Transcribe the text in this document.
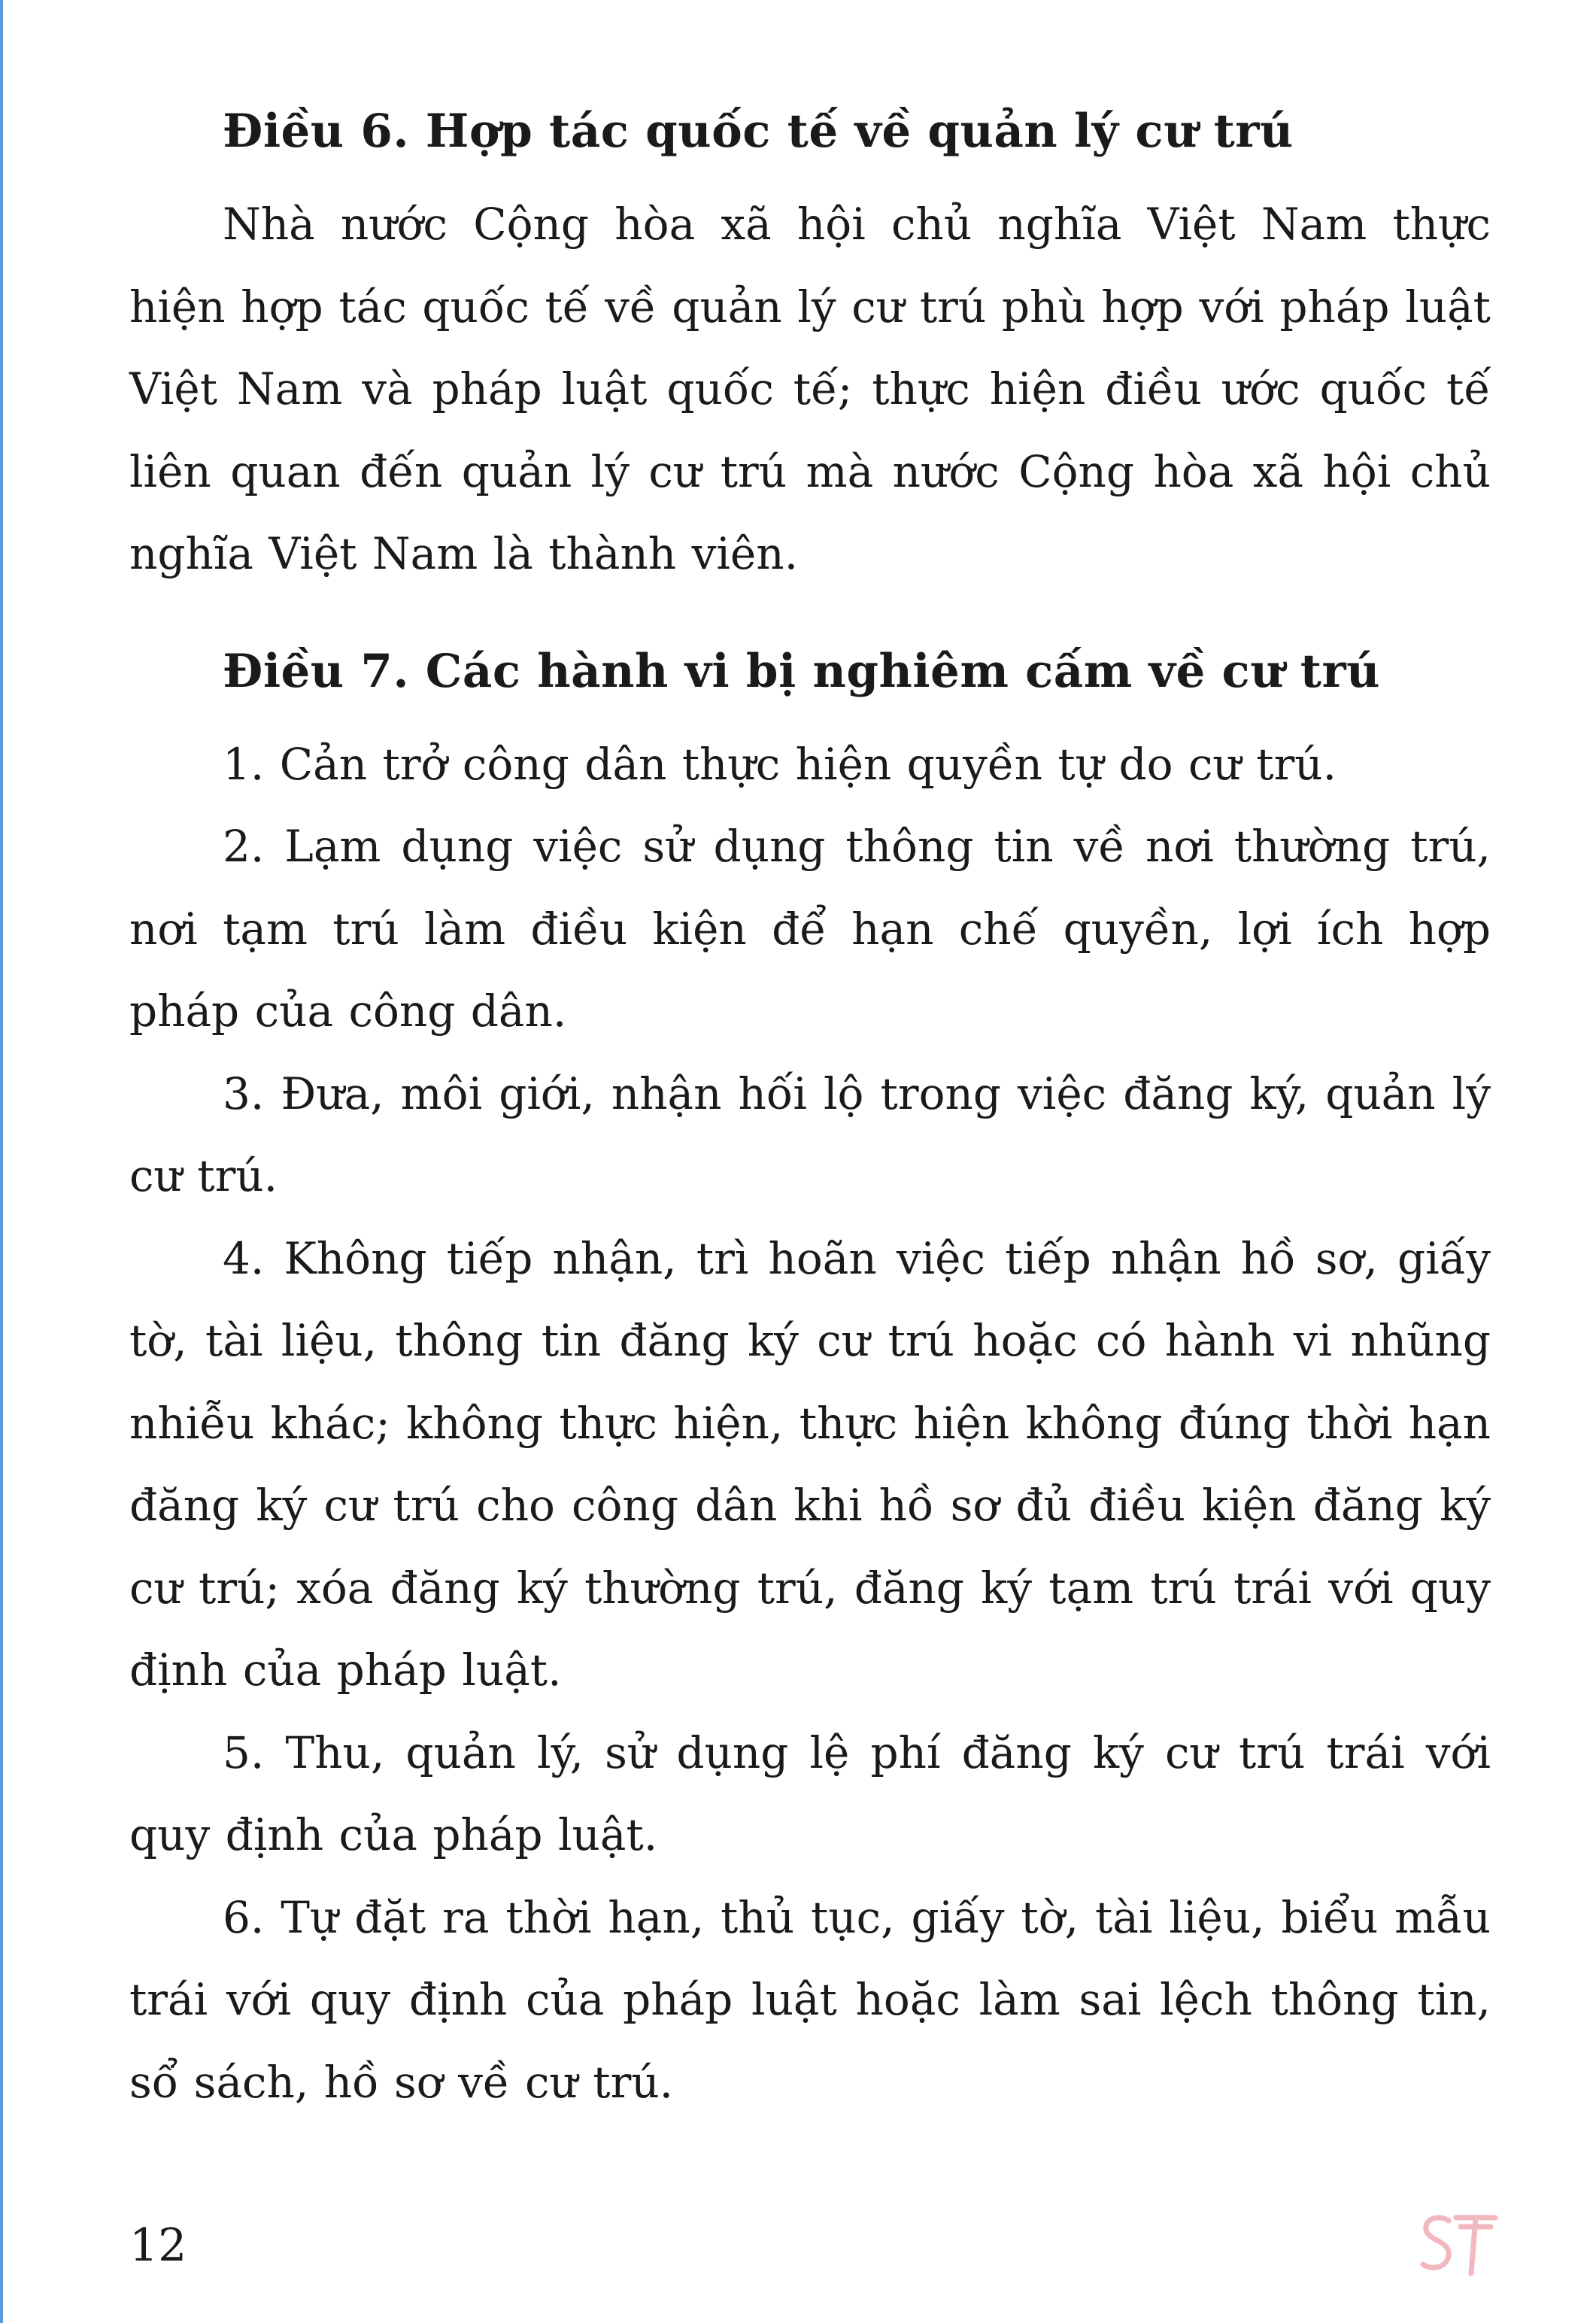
Điều 6. Hợp tác quốc tế về quản lý cư trú

Nhà nước Cộng hòa xã hội chủ nghĩa Việt Nam thực hiện hợp tác quốc tế về quản lý cư trú phù hợp với pháp luật Việt Nam và pháp luật quốc tế; thực hiện điều ước quốc tế liên quan đến quản lý cư trú mà nước Cộng hòa xã hội chủ nghĩa Việt Nam là thành viên.

Điều 7. Các hành vi bị nghiêm cấm về cư trú

1. Cản trở công dân thực hiện quyền tự do cư trú.

2. Lạm dụng việc sử dụng thông tin về nơi thường trú, nơi tạm trú làm điều kiện để hạn chế quyền, lợi ích hợp pháp của công dân.

3. Đưa, môi giới, nhận hối lộ trong việc đăng ký, quản lý cư trú.

4. Không tiếp nhận, trì hoãn việc tiếp nhận hồ sơ, giấy tờ, tài liệu, thông tin đăng ký cư trú hoặc có hành vi nhũng nhiễu khác; không thực hiện, thực hiện không đúng thời hạn đăng ký cư trú cho công dân khi hồ sơ đủ điều kiện đăng ký cư trú; xóa đăng ký thường trú, đăng ký tạm trú trái với quy định của pháp luật.

5. Thu, quản lý, sử dụng lệ phí đăng ký cư trú trái với quy định của pháp luật.

6. Tự đặt ra thời hạn, thủ tục, giấy tờ, tài liệu, biểu mẫu trái với quy định của pháp luật hoặc làm sai lệch thông tin, sổ sách, hồ sơ về cư trú.

12
